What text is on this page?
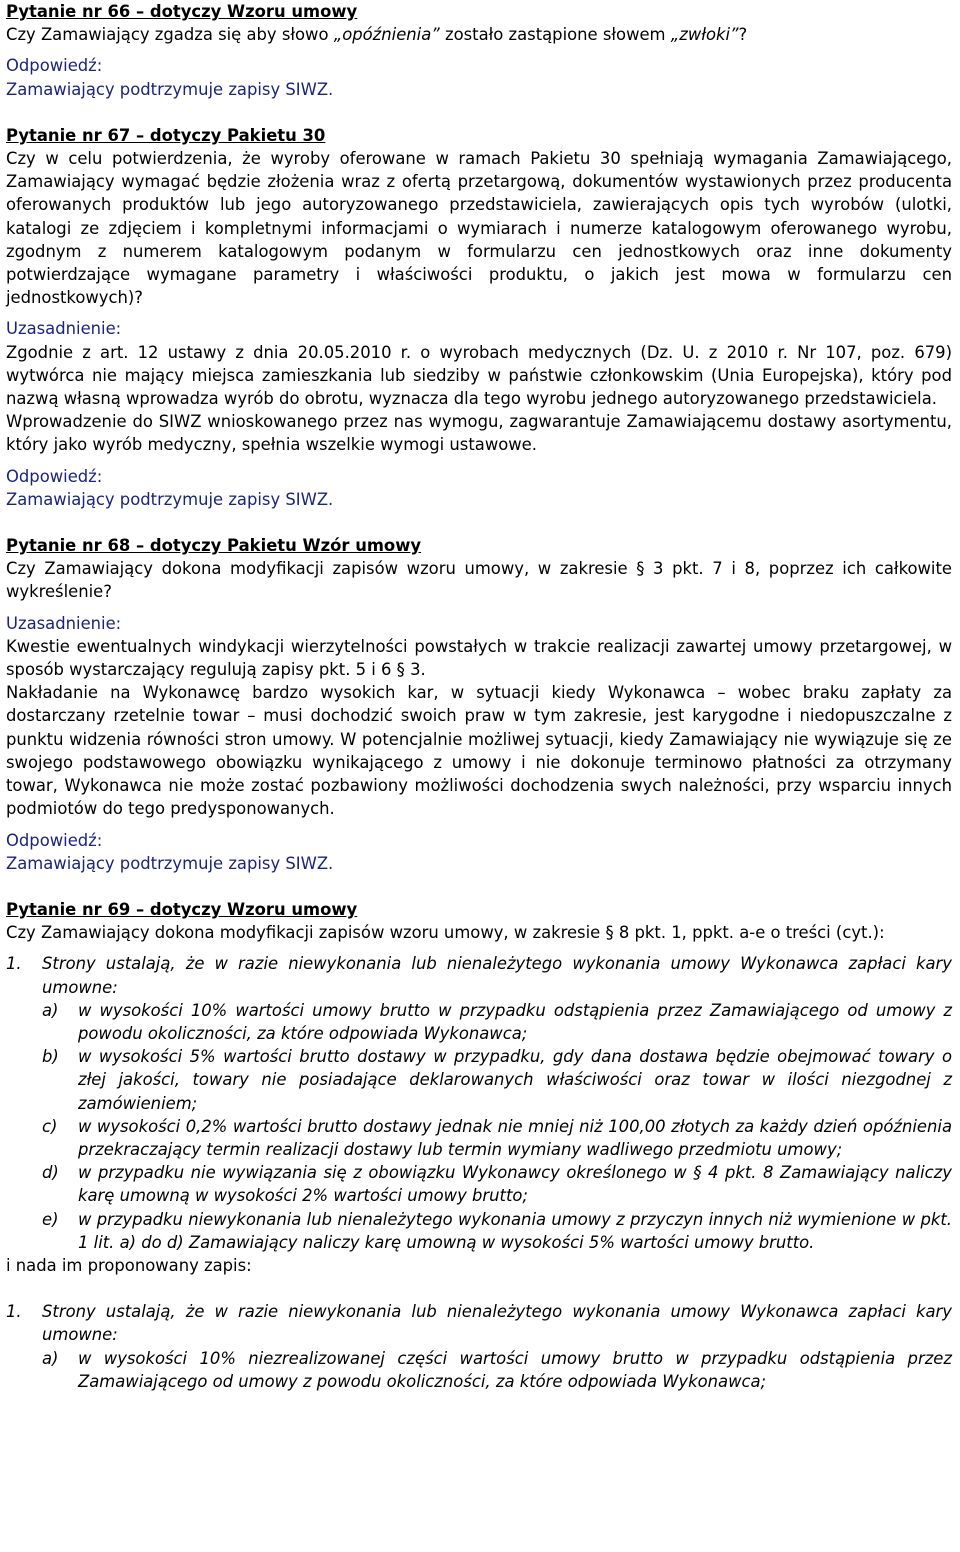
Pytanie nr 66 – dotyczy Wzoru umowy

Czy Zamawiający zgadza się aby słowo „opóźnienia” zostało zastąpione słowem „zwłoki”?

Odpowiedź:

Zamawiający podtrzymuje zapisy SIWZ.

Pytanie nr 67 – dotyczy Pakietu 30

Czy w celu potwierdzenia, że wyroby oferowane w ramach Pakietu 30 spełniają wymagania Zamawiającego, Zamawiający wymagać będzie złożenia wraz z ofertą przetargową, dokumentów wystawionych przez producenta oferowanych produktów lub jego autoryzowanego przedstawiciela, zawierających opis tych wyrobów (ulotki, katalogi ze zdjęciem i kompletnymi informacjami o wymiarach i numerze katalogowym oferowanego wyrobu, zgodnym z numerem katalogowym podanym w formularzu cen jednostkowych oraz inne dokumenty potwierdzające wymagane parametry i właściwości produktu, o jakich jest mowa w formularzu cen jednostkowych)?

Uzasadnienie:

Zgodnie z art. 12 ustawy z dnia 20.05.2010 r. o wyrobach medycznych (Dz. U. z 2010 r. Nr 107, poz. 679) wytwórca nie mający miejsca zamieszkania lub siedziby w państwie członkowskim (Unia Europejska), który pod nazwą własną wprowadza wyrób do obrotu, wyznacza dla tego wyrobu jednego autoryzowanego przedstawiciela.

Wprowadzenie do SIWZ wnioskowanego przez nas wymogu, zagwarantuje Zamawiającemu dostawy asortymentu, który jako wyrób medyczny, spełnia wszelkie wymogi ustawowe.

Odpowiedź:

Zamawiający podtrzymuje zapisy SIWZ.

Pytanie nr 68 – dotyczy Pakietu Wzór umowy

Czy Zamawiający dokona modyfikacji zapisów wzoru umowy, w zakresie § 3 pkt. 7 i 8, poprzez ich całkowite wykreślenie?

Uzasadnienie:

Kwestie ewentualnych windykacji wierzytelności powstałych w trakcie realizacji zawartej umowy przetargowej, w sposób wystarczający regulują zapisy pkt. 5 i 6 § 3.

Nakładanie na Wykonawcę bardzo wysokich kar, w sytuacji kiedy Wykonawca – wobec braku zapłaty za dostarczany rzetelnie towar – musi dochodzić swoich praw w tym zakresie, jest karygodne i niedopuszczalne z punktu widzenia równości stron umowy. W potencjalnie możliwej sytuacji, kiedy Zamawiający nie wywiązuje się ze swojego podstawowego obowiązku wynikającego z umowy i nie dokonuje terminowo płatności za otrzymany towar, Wykonawca nie może zostać pozbawiony możliwości dochodzenia swych należności, przy wsparciu innych podmiotów do tego predysponowanych.

Odpowiedź:

Zamawiający podtrzymuje zapisy SIWZ.

Pytanie nr 69 – dotyczy Wzoru umowy

Czy Zamawiający dokona modyfikacji zapisów wzoru umowy, w zakresie § 8 pkt. 1, ppkt. a-e o treści (cyt.):

1.	Strony ustalają, że w razie niewykonania lub nienależytego wykonania umowy Wykonawca zapłaci kary umowne:
a)	w wysokości 10% wartości umowy brutto w przypadku odstąpienia przez Zamawiającego od umowy z powodu okoliczności, za które odpowiada Wykonawca;
b)	w wysokości 5% wartości brutto dostawy w przypadku, gdy dana dostawa będzie obejmować towary o złej jakości, towary nie posiadające deklarowanych właściwości oraz towar w ilości niezgodnej z zamówieniem;
c)	w wysokości 0,2% wartości brutto dostawy jednak nie mniej niż 100,00 złotych za każdy dzień opóźnienia przekraczający termin realizacji dostawy lub termin wymiany wadliwego przedmiotu umowy;
d)	w przypadku nie wywiązania się z obowiązku Wykonawcy określonego w § 4 pkt. 8 Zamawiający naliczy karę umowną w wysokości 2% wartości umowy brutto;
e)	w przypadku niewykonania lub nienależytego wykonania umowy z przyczyn innych niż wymienione w pkt. 1 lit. a) do d) Zamawiający naliczy karę umowną w wysokości 5% wartości umowy brutto.

i nada im proponowany zapis:

1.	Strony ustalają, że w razie niewykonania lub nienależytego wykonania umowy Wykonawca zapłaci kary umowne:
a)	w wysokości 10% niezrealizowanej części wartości umowy brutto w przypadku odstąpienia przez Zamawiającego od umowy z powodu okoliczności, za które odpowiada Wykonawca;
